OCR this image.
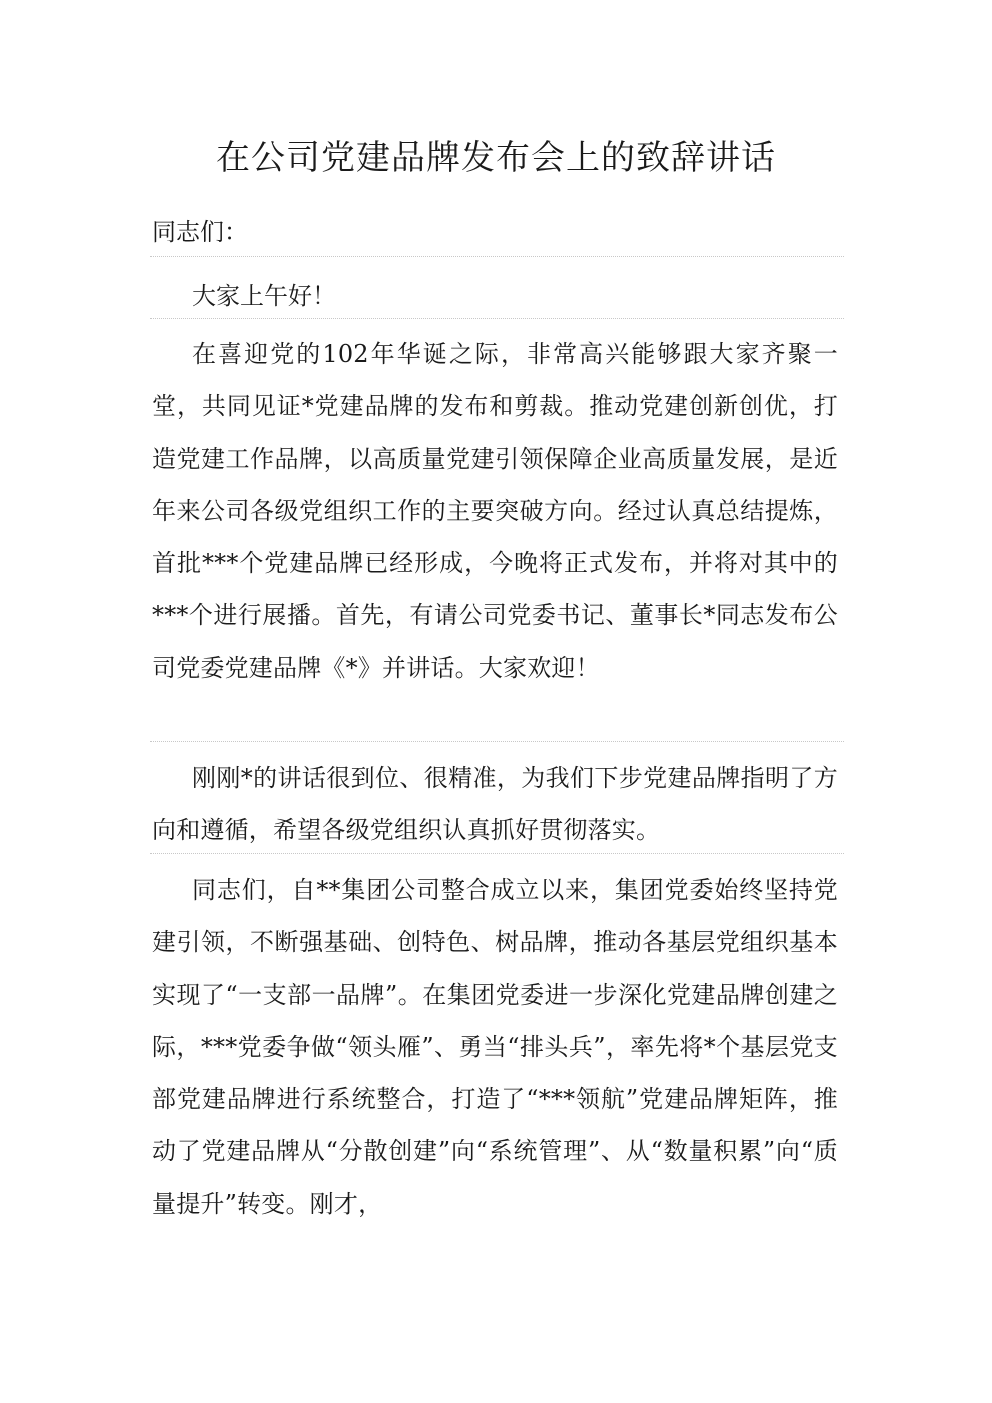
在公司党建品牌发布会上的致辞讲话
同志们：
大家上午好！

在喜迎党的102年华诞之际，非常高兴能够跟大家齐聚一堂，共同见证*党建品牌的发布和剪裁。推动党建创新创优，打造党建工作品牌，以高质量党建引领保障企业高质量发展，是近年来公司各级党组织工作的主要突破方向。经过认真总结提炼，首批***个党建品牌已经形成，今晚将正式发布，并将对其中的***个进行展播。首先，有请公司党委书记、董事长*同志发布公司党委党建品牌《*》并讲话。大家欢迎！

刚刚*的讲话很到位、很精准，为我们下步党建品牌指明了方向和遵循，希望各级党组织认真抓好贯彻落实。

同志们，自**集团公司整合成立以来，集团党委始终坚持党建引领，不断强基础、创特色、树品牌，推动各基层党组织基本实现了“一支部一品牌”。在集团党委进一步深化党建品牌创建之际，***党委争做“领头雁”、勇当“排头兵”，率先将*个基层党支部党建品牌进行系统整合，打造了“***领航”党建品牌矩阵，推动了党建品牌从“分散创建”向“系统管理”、从“数量积累”向“质量提升”转变。刚才，
